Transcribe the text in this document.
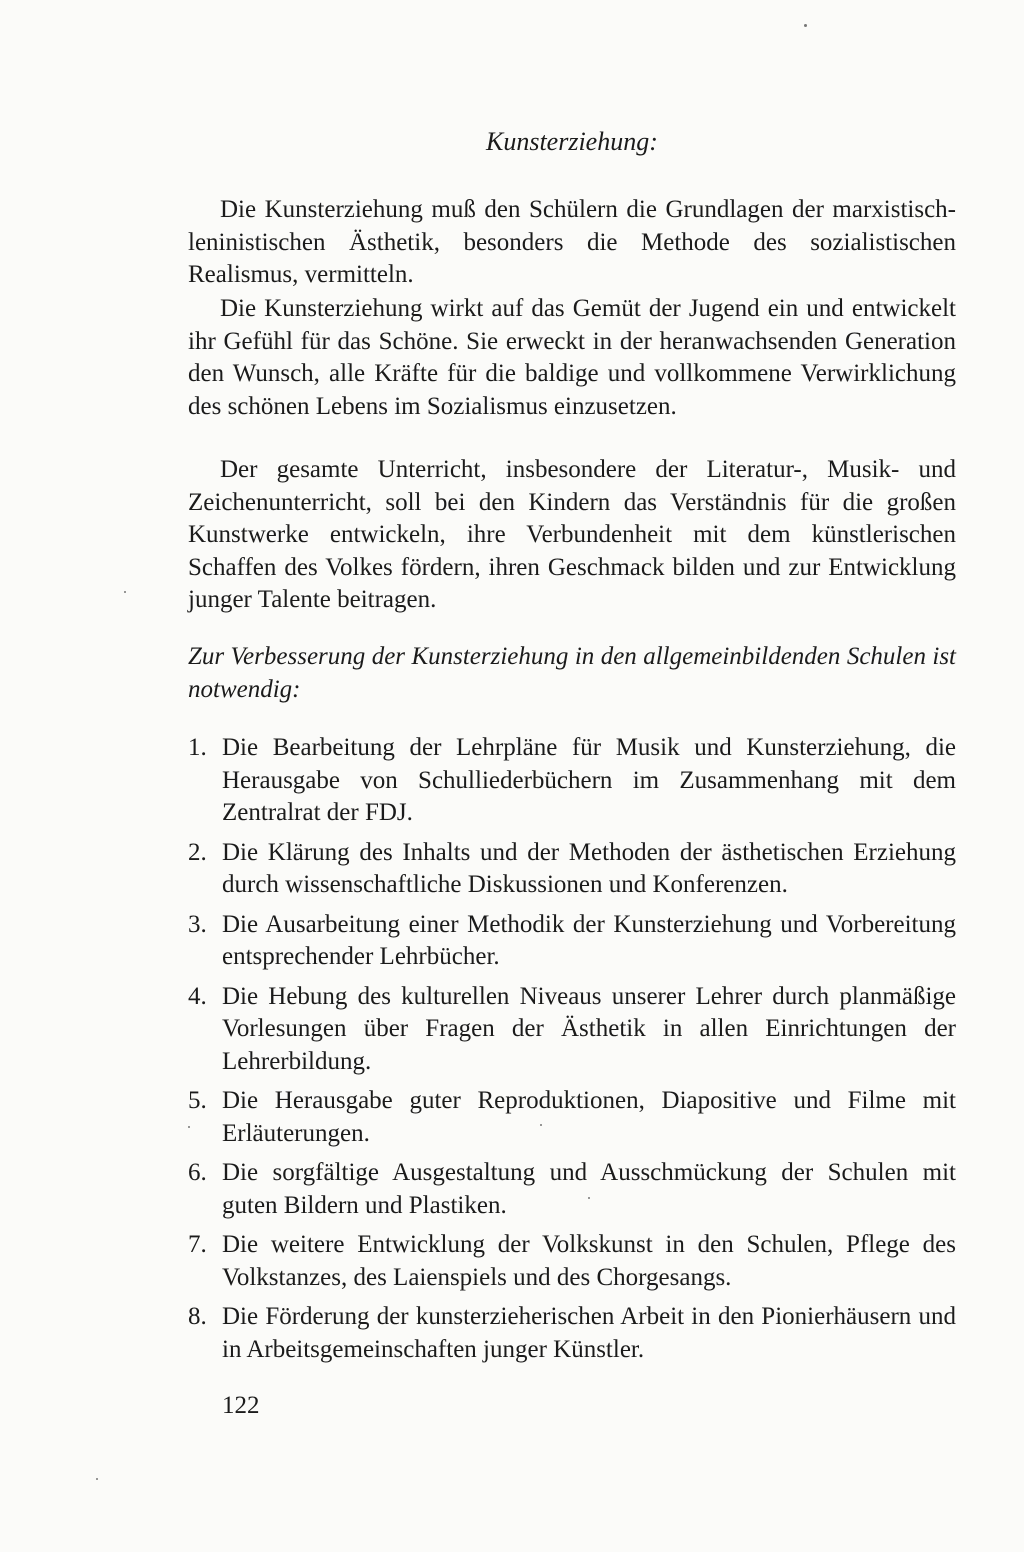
Kunsterziehung:

Die Kunsterziehung muß den Schülern die Grundlagen der marxistisch-leninistischen Ästhetik, besonders die Methode des sozialistischen Realismus, vermitteln.

Die Kunsterziehung wirkt auf das Gemüt der Jugend ein und entwickelt ihr Gefühl für das Schöne. Sie erweckt in der heranwachsenden Generation den Wunsch, alle Kräfte für die baldige und vollkommene Verwirklichung des schönen Lebens im Sozialismus einzusetzen.

Der gesamte Unterricht, insbesondere der Literatur-, Musik- und Zeichenunterricht, soll bei den Kindern das Verständnis für die großen Kunstwerke entwickeln, ihre Verbundenheit mit dem künstlerischen Schaffen des Volkes fördern, ihren Geschmack bilden und zur Entwicklung junger Talente beitragen.

Zur Verbesserung der Kunsterziehung in den allgemeinbildenden Schulen ist notwendig:

1. Die Bearbeitung der Lehrpläne für Musik und Kunsterziehung, die Herausgabe von Schulliederbüchern im Zusammenhang mit dem Zentralrat der FDJ.
2. Die Klärung des Inhalts und der Methoden der ästhetischen Erziehung durch wissenschaftliche Diskussionen und Konferenzen.
3. Die Ausarbeitung einer Methodik der Kunsterziehung und Vorbereitung entsprechender Lehrbücher.
4. Die Hebung des kulturellen Niveaus unserer Lehrer durch planmäßige Vorlesungen über Fragen der Ästhetik in allen Einrichtungen der Lehrerbildung.
5. Die Herausgabe guter Reproduktionen, Diapositive und Filme mit Erläuterungen.
6. Die sorgfältige Ausgestaltung und Ausschmückung der Schulen mit guten Bildern und Plastiken.
7. Die weitere Entwicklung der Volkskunst in den Schulen, Pflege des Volkstanzes, des Laienspiels und des Chorgesangs.
8. Die Förderung der kunsterzieherischen Arbeit in den Pionierhäusern und in Arbeitsgemeinschaften junger Künstler.
122
